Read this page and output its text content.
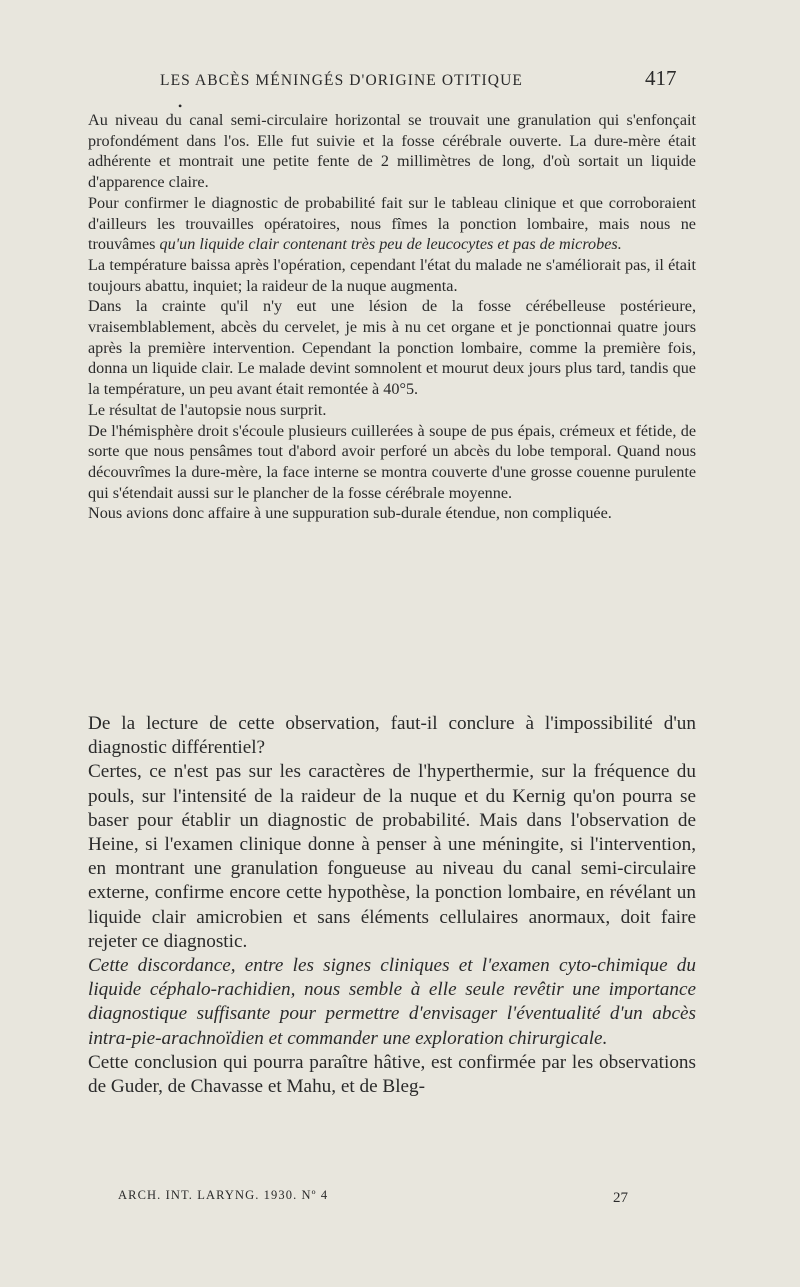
LES ABCÈS MÉNINGÉS D'ORIGINE OTITIQUE	417
•

Au niveau du canal semi-circulaire horizontal se trouvait une granulation qui s'enfonçait profondément dans l'os. Elle fut suivie et la fosse cérébrale ouverte. La dure-mère était adhérente et montrait une petite fente de 2 millimètres de long, d'où sortait un liquide d'apparence claire.

Pour confirmer le diagnostic de probabilité fait sur le tableau clinique et que corroboraient d'ailleurs les trouvailles opératoires, nous fîmes la ponction lombaire, mais nous ne trouvâmes qu'un liquide clair contenant très peu de leucocytes et pas de microbes.

La température baissa après l'opération, cependant l'état du malade ne s'améliorait pas, il était toujours abattu, inquiet; la raideur de la nuque augmenta.

Dans la crainte qu'il n'y eut une lésion de la fosse cérébelleuse postérieure, vraisemblablement, abcès du cervelet, je mis à nu cet organe et je ponctionnai quatre jours après la première intervention. Cependant la ponction lombaire, comme la première fois, donna un liquide clair. Le malade devint somnolent et mourut deux jours plus tard, tandis que la température, un peu avant était remontée à 40°5.

Le résultat de l'autopsie nous surprit.

De l'hémisphère droit s'écoule plusieurs cuillerées à soupe de pus épais, crémeux et fétide, de sorte que nous pensâmes tout d'abord avoir perforé un abcès du lobe temporal. Quand nous découvrîmes la dure-mère, la face interne se montra couverte d'une grosse couenne purulente qui s'étendait aussi sur le plancher de la fosse cérébrale moyenne.

Nous avions donc affaire à une suppuration sub-durale étendue, non compliquée.

De la lecture de cette observation, faut-il conclure à l'impossibilité d'un diagnostic différentiel?

Certes, ce n'est pas sur les caractères de l'hyperthermie, sur la fréquence du pouls, sur l'intensité de la raideur de la nuque et du Kernig qu'on pourra se baser pour établir un diagnostic de probabilité. Mais dans l'observation de Heine, si l'examen clinique donne à penser à une méningite, si l'intervention, en montrant une granulation fongueuse au niveau du canal semi-circulaire externe, confirme encore cette hypothèse, la ponction lombaire, en révélant un liquide clair amicrobien et sans éléments cellulaires anormaux, doit faire rejeter ce diagnostic.

Cette discordance, entre les signes cliniques et l'examen cyto-chimique du liquide céphalo-rachidien, nous semble à elle seule revêtir une importance diagnostique suffisante pour permettre d'envisager l'éventualité d'un abcès intra-pie-arachnoïdien et commander une exploration chirurgicale.

Cette conclusion qui pourra paraître hâtive, est confirmée par les observations de Guder, de Chavasse et Mahu, et de Bleg-

ARCH. INT. LARYNG. 1930. Nº 4	27
